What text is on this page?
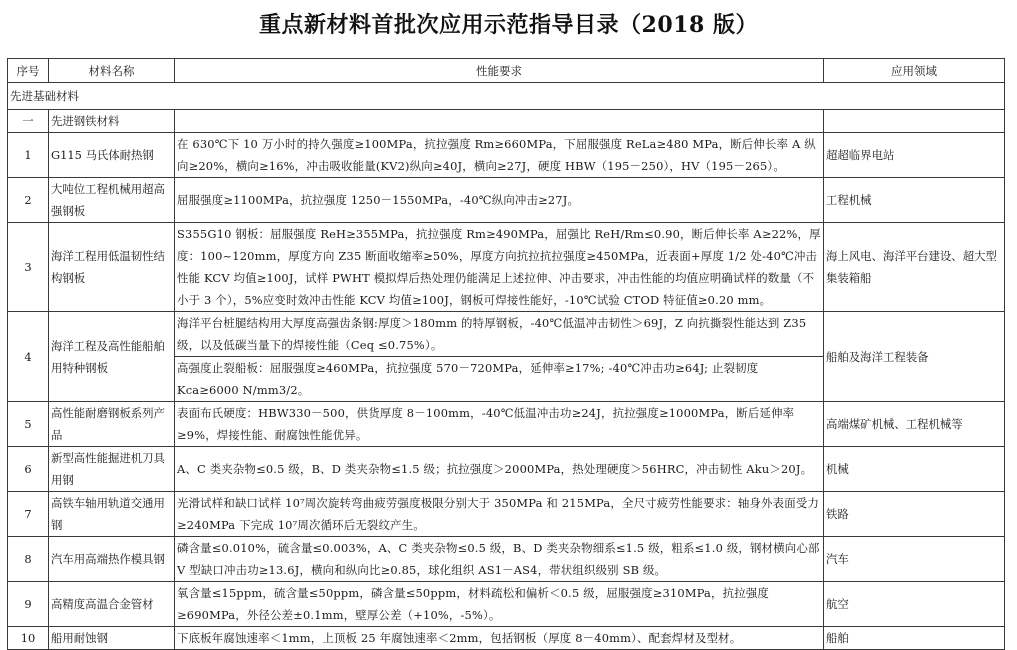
重点新材料首批次应用示范指导目录（2018 版）
序号	材料名称	性能要求	应用领域
先进基础材料			
一	先进钢铁材料		
1	G115 马氏体耐热钢	在 630℃下 10 万小时的持久强度≥100MPa，抗拉强度 Rm≥660MPa，下屈服强度 ReLa≥480 MPa，断后伸长率 A 纵向≥20%，横向≥16%，冲击吸收能量(KV2)纵向≥40J，横向≥27J，硬度 HBW（195－250），HV（195－265）。	超超临界电站
2	大吨位工程机械用超高强钢板	屈服强度≥1100MPa，抗拉强度 1250－1550MPa，-40℃纵向冲击≥27J。	工程机械
3	海洋工程用低温韧性结构钢板	S355G10 钢板：屈服强度 ReH≥355MPa，抗拉强度 Rm≥490MPa，屈强比 ReH/Rm≤0.90，断后伸长率 A≥22%，厚度：100~120mm，厚度方向 Z35 断面收缩率≥50%，厚度方向抗拉抗拉强度≥450MPa，近表面+厚度 1/2 处-40℃冲击性能 KCV 均值≥100J，试样 PWHT 模拟焊后热处理仍能满足上述拉伸、冲击要求，冲击性能的均值应明确试样的数量（不小于 3 个），5%应变时效冲击性能 KCV 均值≥100J，钢板可焊接性能好，-10℃试验 CTOD 特征值≥0.20 mm。	海上风电、海洋平台建设、超大型集装箱船
4	海洋工程及高性能船舶用特种钢板	海洋平台桩腿结构用大厚度高强齿条钢:厚度＞180mm 的特厚钢板，-40℃低温冲击韧性＞69J，Z 向抗撕裂性能达到 Z35 级，以及低碳当量下的焊接性能（Ceq ≤0.75%）。	船舶及海洋工程装备
		高强度止裂船板：屈服强度≥460MPa，抗拉强度 570－720MPa，延伸率≥17%; -40℃冲击功≥64J; 止裂韧度 Kca≥6000 N/mm3/2。	
5	高性能耐磨钢板系列产品	表面布氏硬度：HBW330－500，供货厚度 8－100mm，-40℃低温冲击功≥24J，抗拉强度≥1000MPa，断后延伸率≥9%，焊接性能、耐腐蚀性能优异。	高端煤矿机械、工程机械等
6	新型高性能掘进机刀具用钢	A、C 类夹杂物≤0.5 级，B、D 类夹杂物≤1.5 级；抗拉强度＞2000MPa，热处理硬度＞56HRC，冲击韧性 Aku＞20J。	机械
7	高铁车轴用轨道交通用钢	光滑试样和缺口试样 10⁷周次旋转弯曲疲劳强度极限分别大于 350MPa 和 215MPa，全尺寸疲劳性能要求：轴身外表面受力≥240MPa 下完成 10⁷周次循环后无裂纹产生。	铁路
8	汽车用高端热作模具钢	磷含量≤0.010%，硫含量≤0.003%，A、C 类夹杂物≤0.5 级，B、D 类夹杂物细系≤1.5 级，粗系≤1.0 级，钢材横向心部 V 型缺口冲击功≥13.6J，横向和纵向比≥0.85，球化组织 AS1－AS4，带状组织级别 SB 级。	汽车
9	高精度高温合金管材	氧含量≤15ppm，硫含量≤50ppm，磷含量≤50ppm，材料疏松和偏析＜0.5 级，屈服强度≥310MPa，抗拉强度≥690MPa，外径公差±0.1mm，壁厚公差（+10%，-5%）。	航空
10	船用耐蚀钢	下底板年腐蚀速率＜1mm，上顶板 25 年腐蚀速率＜2mm，包括钢板（厚度 8－40mm）、配套焊材及型材。	船舶
